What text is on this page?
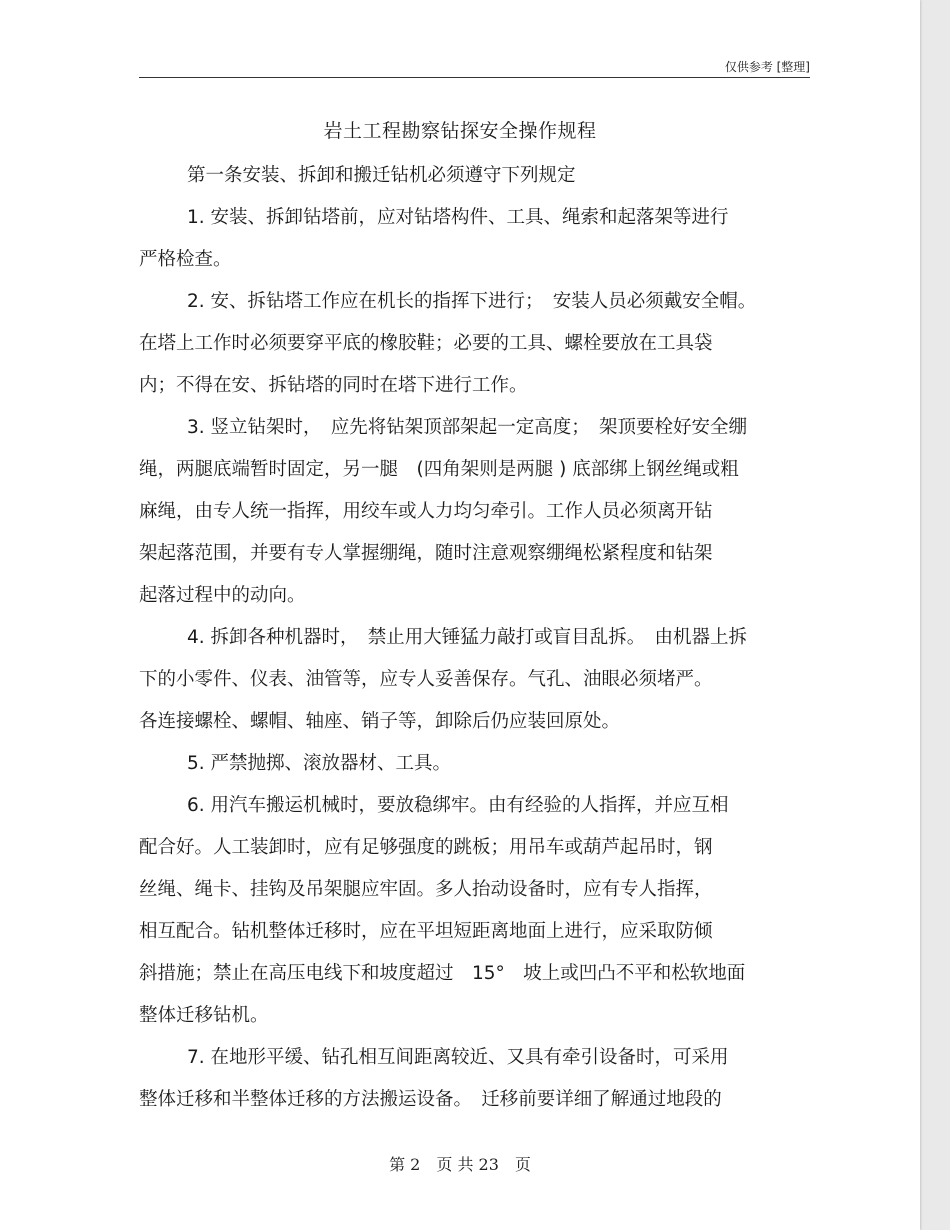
仅供参考 [整理]
岩土工程勘察钻探安全操作规程
第一条安装、拆卸和搬迁钻机必须遵守下列规定
1. 安装、拆卸钻塔前，应对钻塔构件、工具、绳索和起落架等进行
严格检查。
2. 安、拆钻塔工作应在机长的指挥下进行；　安装人员必须戴安全帽。
在塔上工作时必须要穿平底的橡胶鞋；必要的工具、螺栓要放在工具袋
内；不得在安、拆钻塔的同时在塔下进行工作。
3. 竖立钻架时，　应先将钻架顶部架起一定高度；　架顶要栓好安全绷
绳，两腿底端暂时固定，另一腿　(四角架则是两腿 ) 底部绑上钢丝绳或粗
麻绳，由专人统一指挥，用绞车或人力均匀牵引。工作人员必须离开钻
架起落范围，并要有专人掌握绷绳，随时注意观察绷绳松紧程度和钻架
起落过程中的动向。
4. 拆卸各种机器时，　禁止用大锤猛力敲打或盲目乱拆。　由机器上拆
下的小零件、仪表、油管等，应专人妥善保存。气孔、油眼必须堵严。
各连接螺栓、螺帽、轴座、销子等，卸除后仍应装回原处。
5. 严禁抛掷、滚放器材、工具。
6. 用汽车搬运机械时，要放稳绑牢。由有经验的人指挥，并应互相
配合好。人工装卸时，应有足够强度的跳板；用吊车或葫芦起吊时，钢
丝绳、绳卡、挂钩及吊架腿应牢固。多人抬动设备时，应有专人指挥，
相互配合。钻机整体迁移时，应在平坦短距离地面上进行，应采取防倾
斜措施；禁止在高压电线下和坡度超过　15°　坡上或凹凸不平和松软地面
整体迁移钻机。
7. 在地形平缓、钻孔相互间距离较近、又具有牵引设备时，可采用
整体迁移和半整体迁移的方法搬运设备。　迁移前要详细了解通过地段的
第 2　页 共 23　页
